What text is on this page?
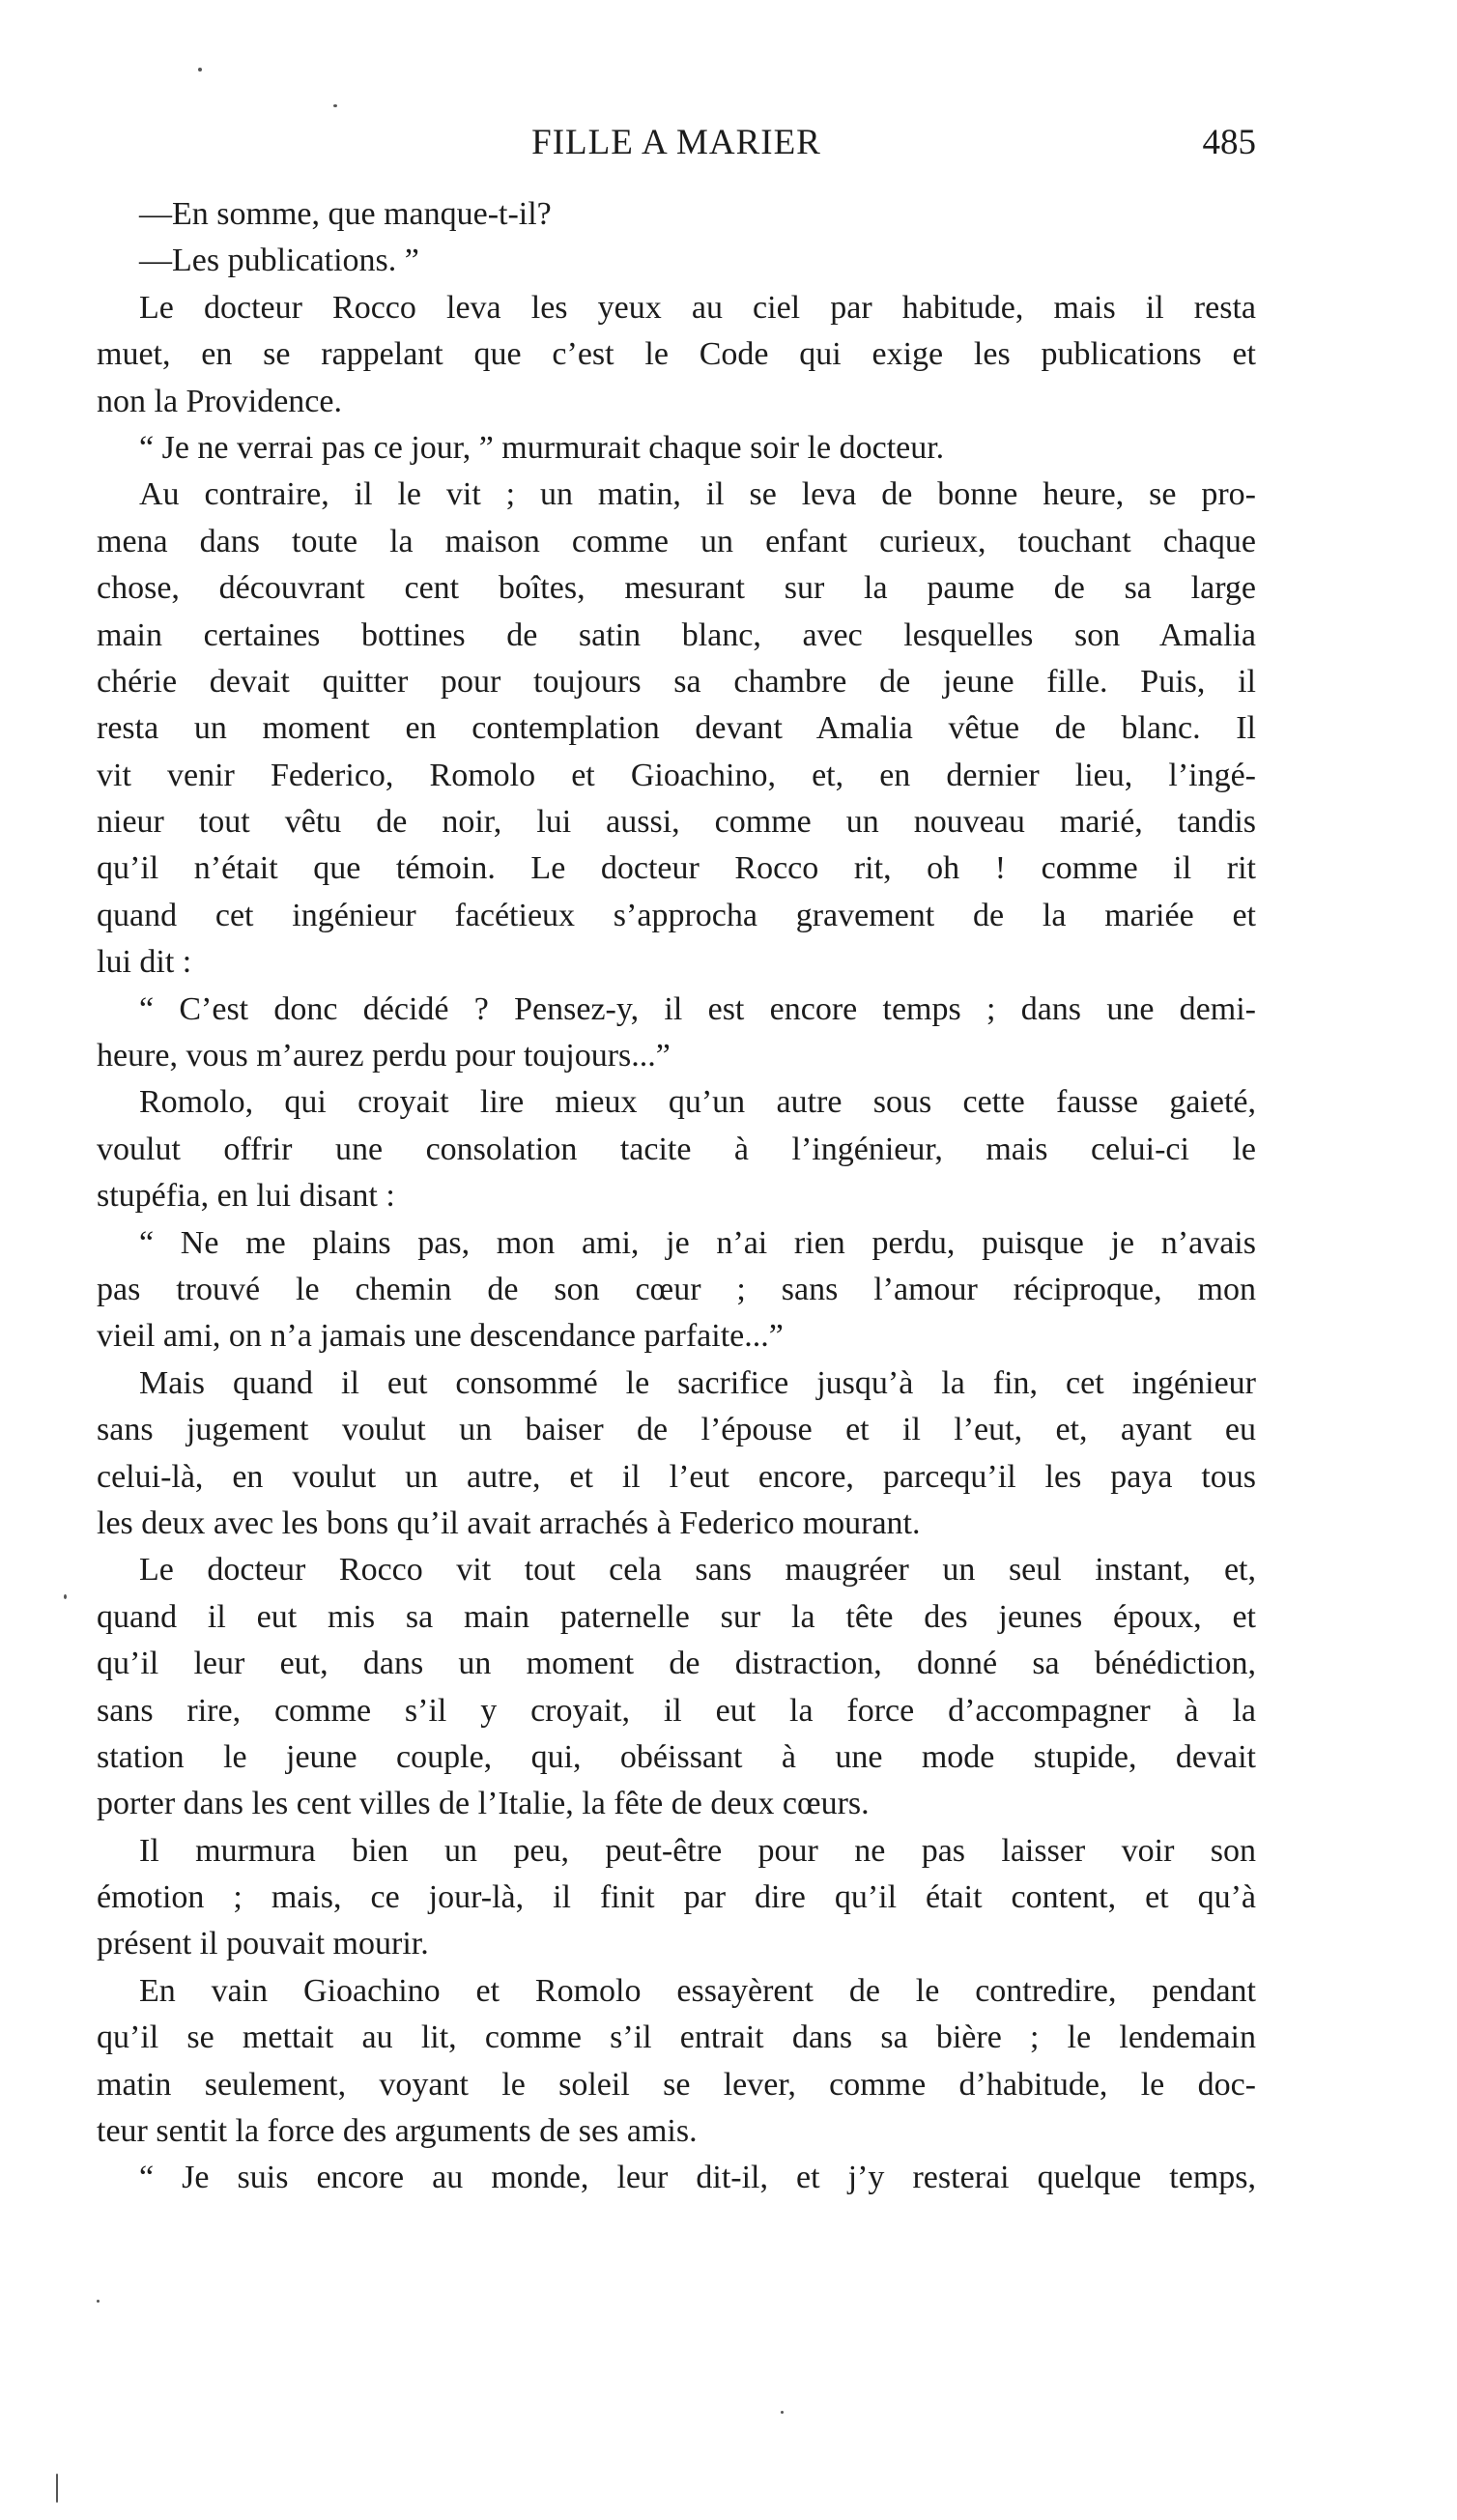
FILLE A MARIER	485
—En somme, que manque-t-il?
—Les publications. ”
Le docteur Rocco leva les yeux au ciel par habitude, mais il resta
muet, en se rappelant que c’est le Code qui exige les publications et
non la Providence.
“ Je ne verrai pas ce jour, ” murmurait chaque soir le docteur.
Au contraire, il le vit ; un matin, il se leva de bonne heure, se pro-
mena dans toute la maison comme un enfant curieux, touchant chaque
chose, découvrant cent boîtes, mesurant sur la paume de sa large
main certaines bottines de satin blanc, avec lesquelles son Amalia
chérie devait quitter pour toujours sa chambre de jeune fille. Puis, il
resta un moment en contemplation devant Amalia vêtue de blanc. Il
vit venir Federico, Romolo et Gioachino, et, en dernier lieu, l’ingé-
nieur tout vêtu de noir, lui aussi, comme un nouveau marié, tandis
qu’il n’était que témoin. Le docteur Rocco rit, oh ! comme il rit
quand cet ingénieur facétieux s’approcha gravement de la mariée et
lui dit :
“ C’est donc décidé ? Pensez-y, il est encore temps ; dans une demi-
heure, vous m’aurez perdu pour toujours...”
Romolo, qui croyait lire mieux qu’un autre sous cette fausse gaieté,
voulut offrir une consolation tacite à l’ingénieur, mais celui-ci le
stupéfia, en lui disant :
“ Ne me plains pas, mon ami, je n’ai rien perdu, puisque je n’avais
pas trouvé le chemin de son cœur ; sans l’amour réciproque, mon
vieil ami, on n’a jamais une descendance parfaite...”
Mais quand il eut consommé le sacrifice jusqu’à la fin, cet ingénieur
sans jugement voulut un baiser de l’épouse et il l’eut, et, ayant eu
celui-là, en voulut un autre, et il l’eut encore, parcequ’il les paya tous
les deux avec les bons qu’il avait arrachés à Federico mourant.
Le docteur Rocco vit tout cela sans maugréer un seul instant, et,
quand il eut mis sa main paternelle sur la tête des jeunes époux, et
qu’il leur eut, dans un moment de distraction, donné sa bénédiction,
sans rire, comme s’il y croyait, il eut la force d’accompagner à la
station le jeune couple, qui, obéissant à une mode stupide, devait
porter dans les cent villes de l’Italie, la fête de deux cœurs.
Il murmura bien un peu, peut-être pour ne pas laisser voir son
émotion ; mais, ce jour-là, il finit par dire qu’il était content, et qu’à
présent il pouvait mourir.
En vain Gioachino et Romolo essayèrent de le contredire, pendant
qu’il se mettait au lit, comme s’il entrait dans sa bière ; le lendemain
matin seulement, voyant le soleil se lever, comme d’habitude, le doc-
teur sentit la force des arguments de ses amis.
“ Je suis encore au monde, leur dit-il, et j’y resterai quelque temps,
